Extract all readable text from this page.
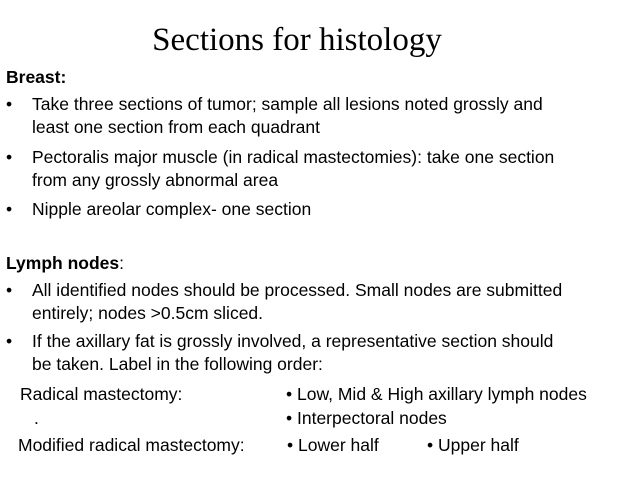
Sections for histology
Breast:
• Take three sections of tumor; sample all lesions noted grossly and
least one section from each quadrant
• Pectoralis major muscle (in radical mastectomies): take one section
from any grossly abnormal area
• Nipple areolar complex- one section
Lymph nodes:
• All identified nodes should be processed. Small nodes are submitted
entirely; nodes >0.5cm sliced.
• If the axillary fat is grossly involved, a representative section should
be taken. Label in the following order:
Radical mastectomy:	• Low, Mid & High axillary lymph nodes
.	• Interpectoral nodes
Modified radical mastectomy: • Lower half	• Upper half
